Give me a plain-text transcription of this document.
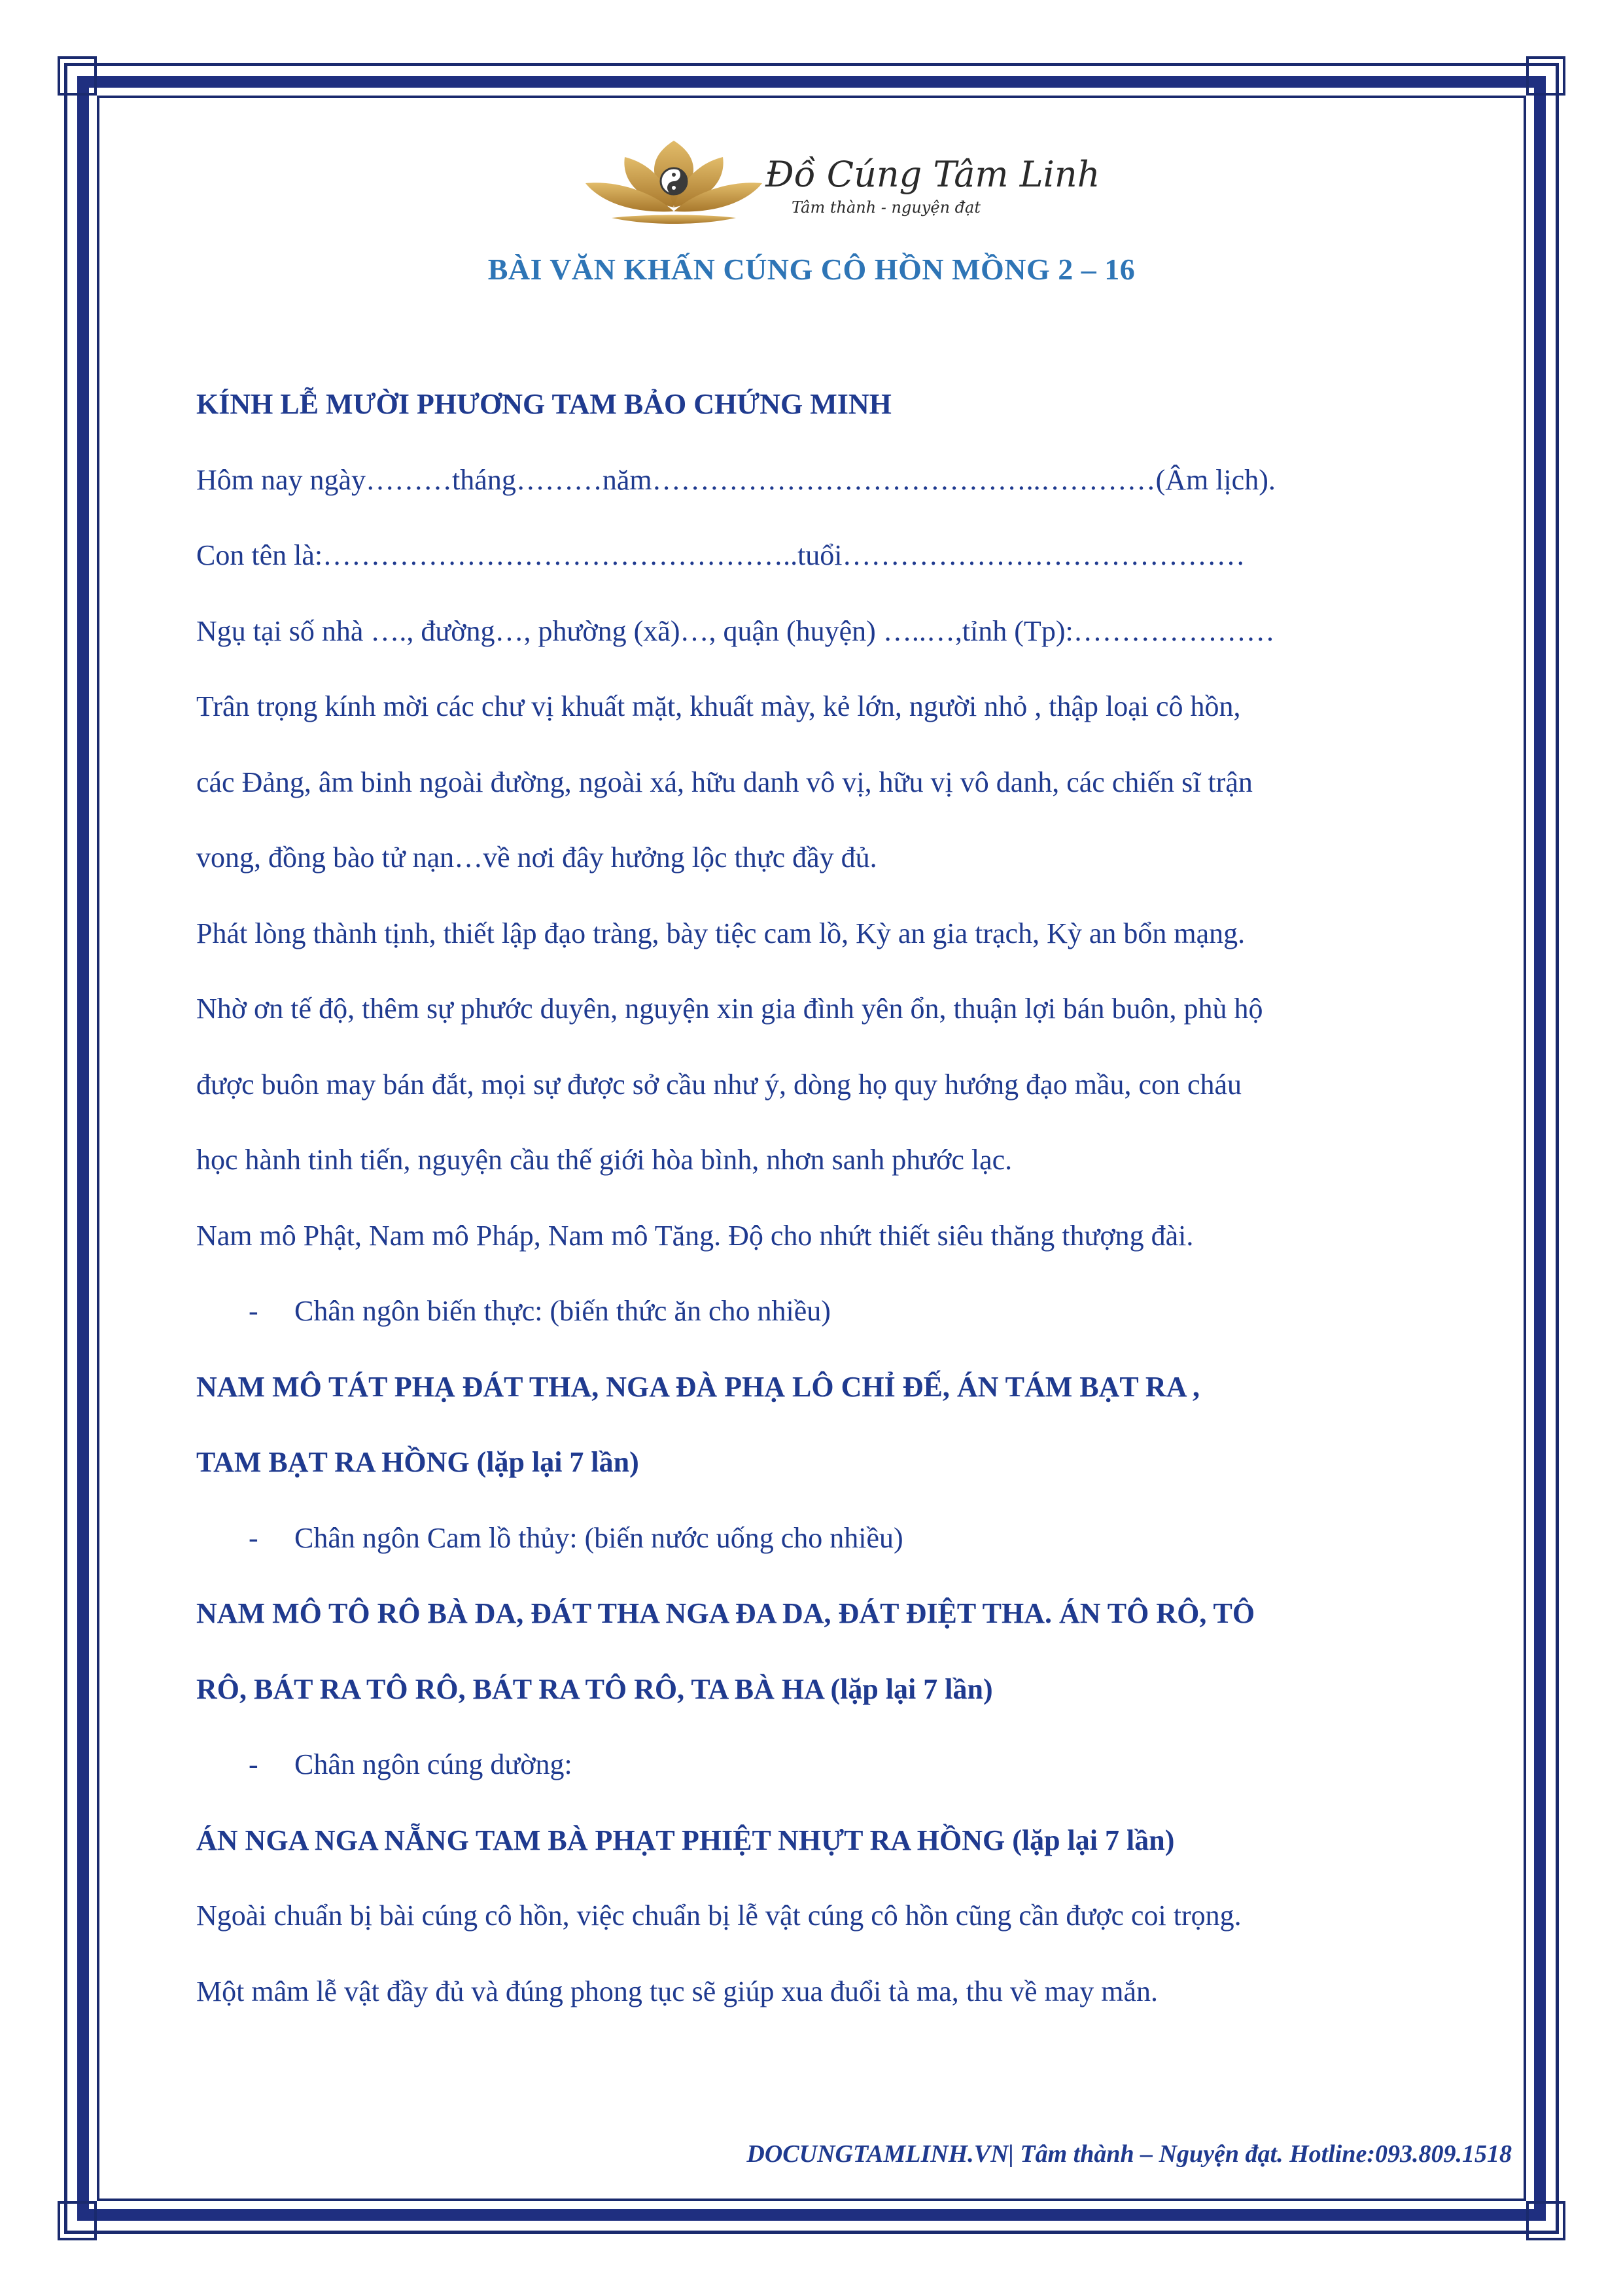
Đồ Cúng Tâm Linh
Tâm thành - nguyện đạt
BÀI VĂN KHẤN CÚNG CÔ HỒN MỒNG 2 – 16
KÍNH LỄ MƯỜI PHƯƠNG TAM BẢO CHỨNG MINH
Hôm nay ngày………tháng………năm…………………………………..…………(Âm lịch).
Con tên là:…………………………………………..tuổi……………………………………
Ngụ tại số nhà …., đường…, phường (xã)…, quận (huyện) …..…,tỉnh (Tp):…………………
Trân trọng kính mời các chư vị khuất mặt, khuất mày, kẻ lớn, người nhỏ , thập loại cô hồn,
các Đảng, âm binh ngoài đường, ngoài xá, hữu danh vô vị, hữu vị vô danh, các chiến sĩ trận
vong, đồng bào tử nạn…về nơi đây hưởng lộc thực đầy đủ.
Phát lòng thành tịnh, thiết lập đạo tràng, bày tiệc cam lồ, Kỳ an gia trạch, Kỳ an bổn mạng.
Nhờ ơn tế độ, thêm sự phước duyên, nguyện xin gia đình yên ổn, thuận lợi bán buôn, phù hộ
được buôn may bán đắt, mọi sự được sở cầu như ý, dòng họ quy hướng đạo mầu, con cháu
học hành tinh tiến, nguyện cầu thế giới hòa bình, nhơn sanh phước lạc.
Nam mô Phật, Nam mô Pháp, Nam mô Tăng. Độ cho nhứt thiết siêu thăng thượng đài.
- Chân ngôn biến thực: (biến thức ăn cho nhiều)
NAM MÔ TÁT PHẠ ĐÁT THA, NGA ĐÀ PHẠ LÔ CHỈ ĐẾ, ÁN TÁM BẠT RA ,
TAM BẠT RA HỒNG (lặp lại 7 lần)
- Chân ngôn Cam lồ thủy: (biến nước uống cho nhiều)
NAM MÔ TÔ RÔ BÀ DA, ĐÁT THA NGA ĐA DA, ĐÁT ĐIỆT THA. ÁN TÔ RÔ, TÔ
RÔ, BÁT RA TÔ RÔ, BÁT RA TÔ RÔ, TA BÀ HA (lặp lại 7 lần)
- Chân ngôn cúng dường:
ÁN NGA NGA NẴNG TAM BÀ PHẠT PHIỆT NHỰT RA HỒNG (lặp lại 7 lần)
Ngoài chuẩn bị bài cúng cô hồn, việc chuẩn bị lễ vật cúng cô hồn cũng cần được coi trọng.
Một mâm lễ vật đầy đủ và đúng phong tục sẽ giúp xua đuổi tà ma, thu về may mắn.
DOCUNGTAMLINH.VN| Tâm thành – Nguyện đạt. Hotline:093.809.1518
